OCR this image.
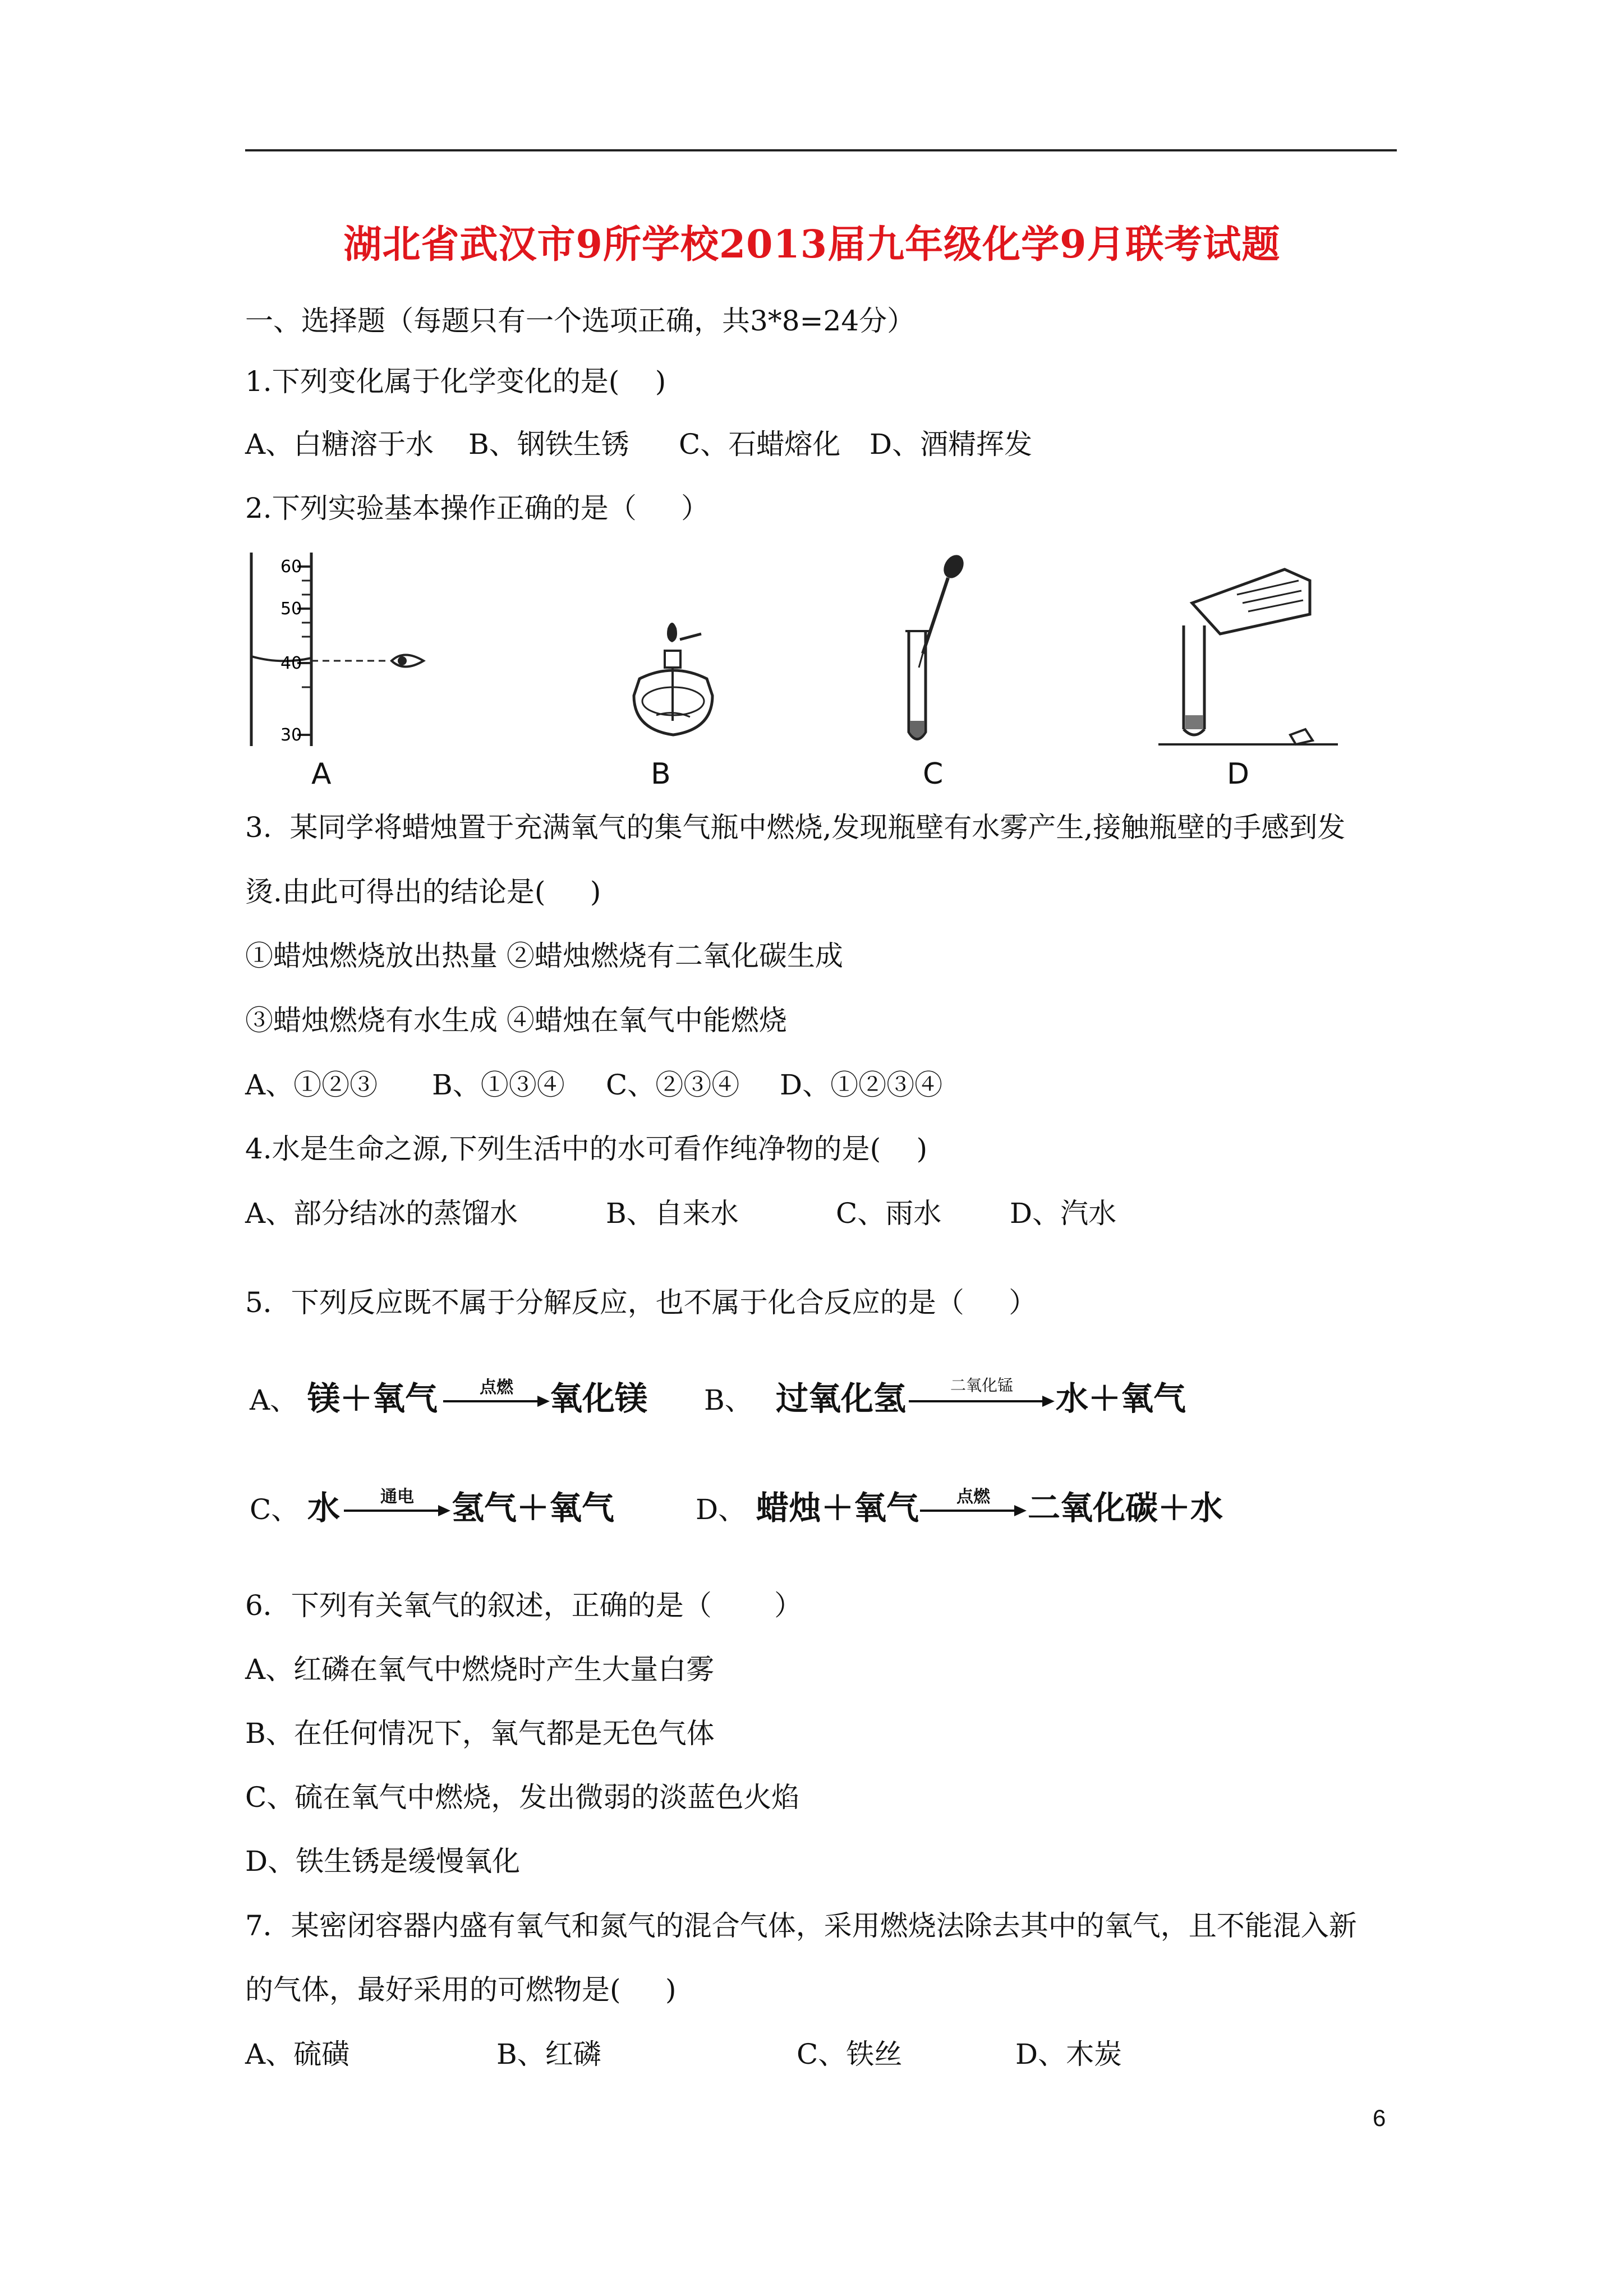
湖北省武汉市9所学校2013届九年级化学9月联考试题
一、选择题（每题只有一个选项正确，共3*8=24分）
1.下列变化属于化学变化的是(    )
A、白糖溶于水 B、钢铁生锈 C、石蜡熔化 D、酒精挥发
2.下列实验基本操作正确的是（     ）
60
50
40
30
A	B	C	D
3.  某同学将蜡烛置于充满氧气的集气瓶中燃烧,发现瓶壁有水雾产生,接触瓶壁的手感到发
烫.由此可得出的结论是(     )
①蜡烛燃烧放出热量 ②蜡烛燃烧有二氧化碳生成
③蜡烛燃烧有水生成 ④蜡烛在氧气中能燃烧
A、①②③ B、①③④ C、②③④ D、①②③④
4.水是生命之源,下列生活中的水可看作纯净物的是(    )
A、部分结冰的蒸馏水	B、自来水	C、雨水 D、汽水
5．下列反应既不属于分解反应，也不属于化合反应的是（     ）
A、 镁＋氧气	点燃	氧化镁 B、 过氧化氢	二氧化锰	水＋氧气
C、 水	通电	氢气＋氧气	D、 蜡烛＋氧气	点燃	二氧化碳＋水
6．下列有关氧气的叙述，正确的是（       ）
A、红磷在氧气中燃烧时产生大量白雾
B、在任何情况下，氧气都是无色气体
C、硫在氧气中燃烧，发出微弱的淡蓝色火焰
D、铁生锈是缓慢氧化
7．某密闭容器内盛有氧气和氮气的混合气体，采用燃烧法除去其中的氧气，且不能混入新
的气体，最好采用的可燃物是(     )
A、硫磺	B、红磷	C、铁丝	D、木炭
6
